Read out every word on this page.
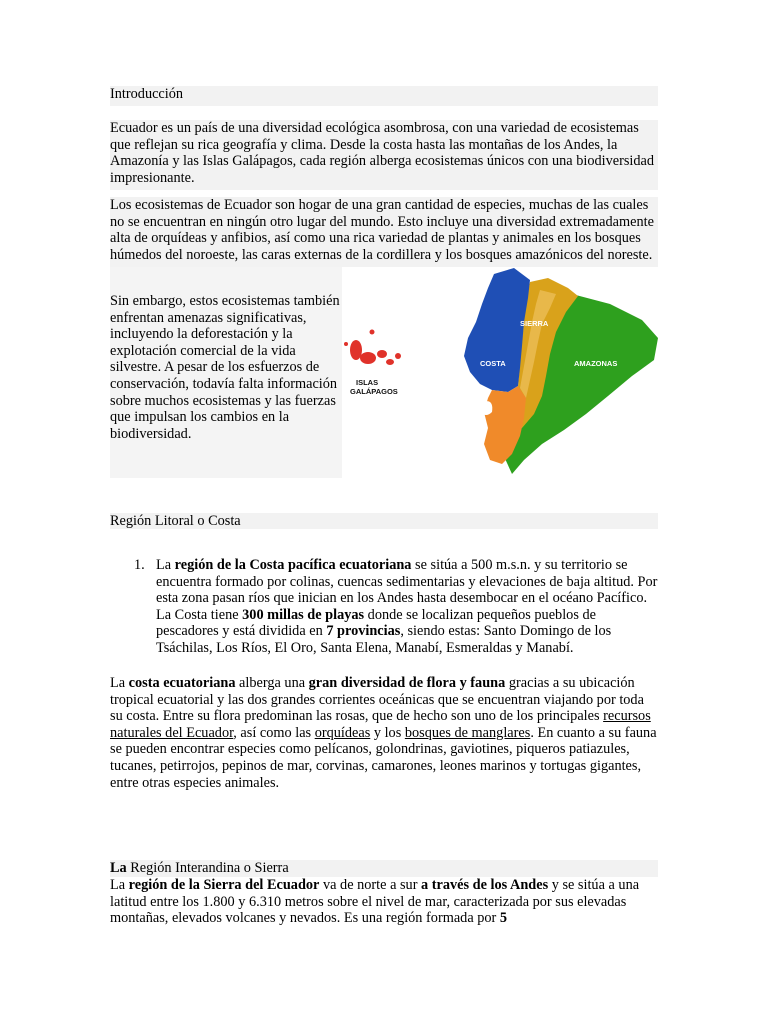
Introducción

Ecuador es un país de una diversidad ecológica asombrosa, con una variedad de ecosistemas que reflejan su rica geografía y clima. Desde la costa hasta las montañas de los Andes, la Amazonía y las Islas Galápagos, cada región alberga ecosistemas únicos con una biodiversidad impresionante.

Los ecosistemas de Ecuador son hogar de una gran cantidad de especies, muchas de las cuales no se encuentran en ningún otro lugar del mundo. Esto incluye una diversidad extremadamente alta de orquídeas y anfibios, así como una rica variedad de plantas y animales en los bosques húmedos del noroeste, las caras externas de la cordillera y los bosques amazónicos del noreste.

Sin embargo, estos ecosistemas también enfrentan amenazas significativas, incluyendo la deforestación y la explotación comercial de la vida silvestre. A pesar de los esfuerzos de conservación, todavía falta información sobre muchos ecosistemas y las fuerzas que impulsan los cambios en la biodiversidad.

ISLAS
GALÁPAGOS
COSTA
SIERRA
AMAZONAS

Región Litoral o Costa

1. La región de la Costa pacífica ecuatoriana se sitúa a 500 m.s.n. y su territorio se encuentra formado por colinas, cuencas sedimentarias y elevaciones de baja altitud. Por esta zona pasan ríos que inician en los Andes hasta desembocar en el océano Pacífico. La Costa tiene 300 millas de playas donde se localizan pequeños pueblos de pescadores y está dividida en 7 provincias, siendo estas: Santo Domingo de los Tsáchilas, Los Ríos, El Oro, Santa Elena, Manabí, Esmeraldas y Manabí.

La costa ecuatoriana alberga una gran diversidad de flora y fauna gracias a su ubicación tropical ecuatorial y las dos grandes corrientes oceánicas que se encuentran viajando por toda su costa. Entre su flora predominan las rosas, que de hecho son uno de los principales recursos naturales del Ecuador, así como las orquídeas y los bosques de manglares. En cuanto a su fauna se pueden encontrar especies como pelícanos, golondrinas, gaviotines, piqueros patiazules, tucanes, petirrojos, pepinos de mar, corvinas, camarones, leones marinos y tortugas gigantes, entre otras especies animales.

La Región Interandina o Sierra

La región de la Sierra del Ecuador va de norte a sur a través de los Andes y se sitúa a una latitud entre los 1.800 y 6.310 metros sobre el nivel de mar, caracterizada por sus elevadas montañas, elevados volcanes y nevados. Es una región formada por 5
